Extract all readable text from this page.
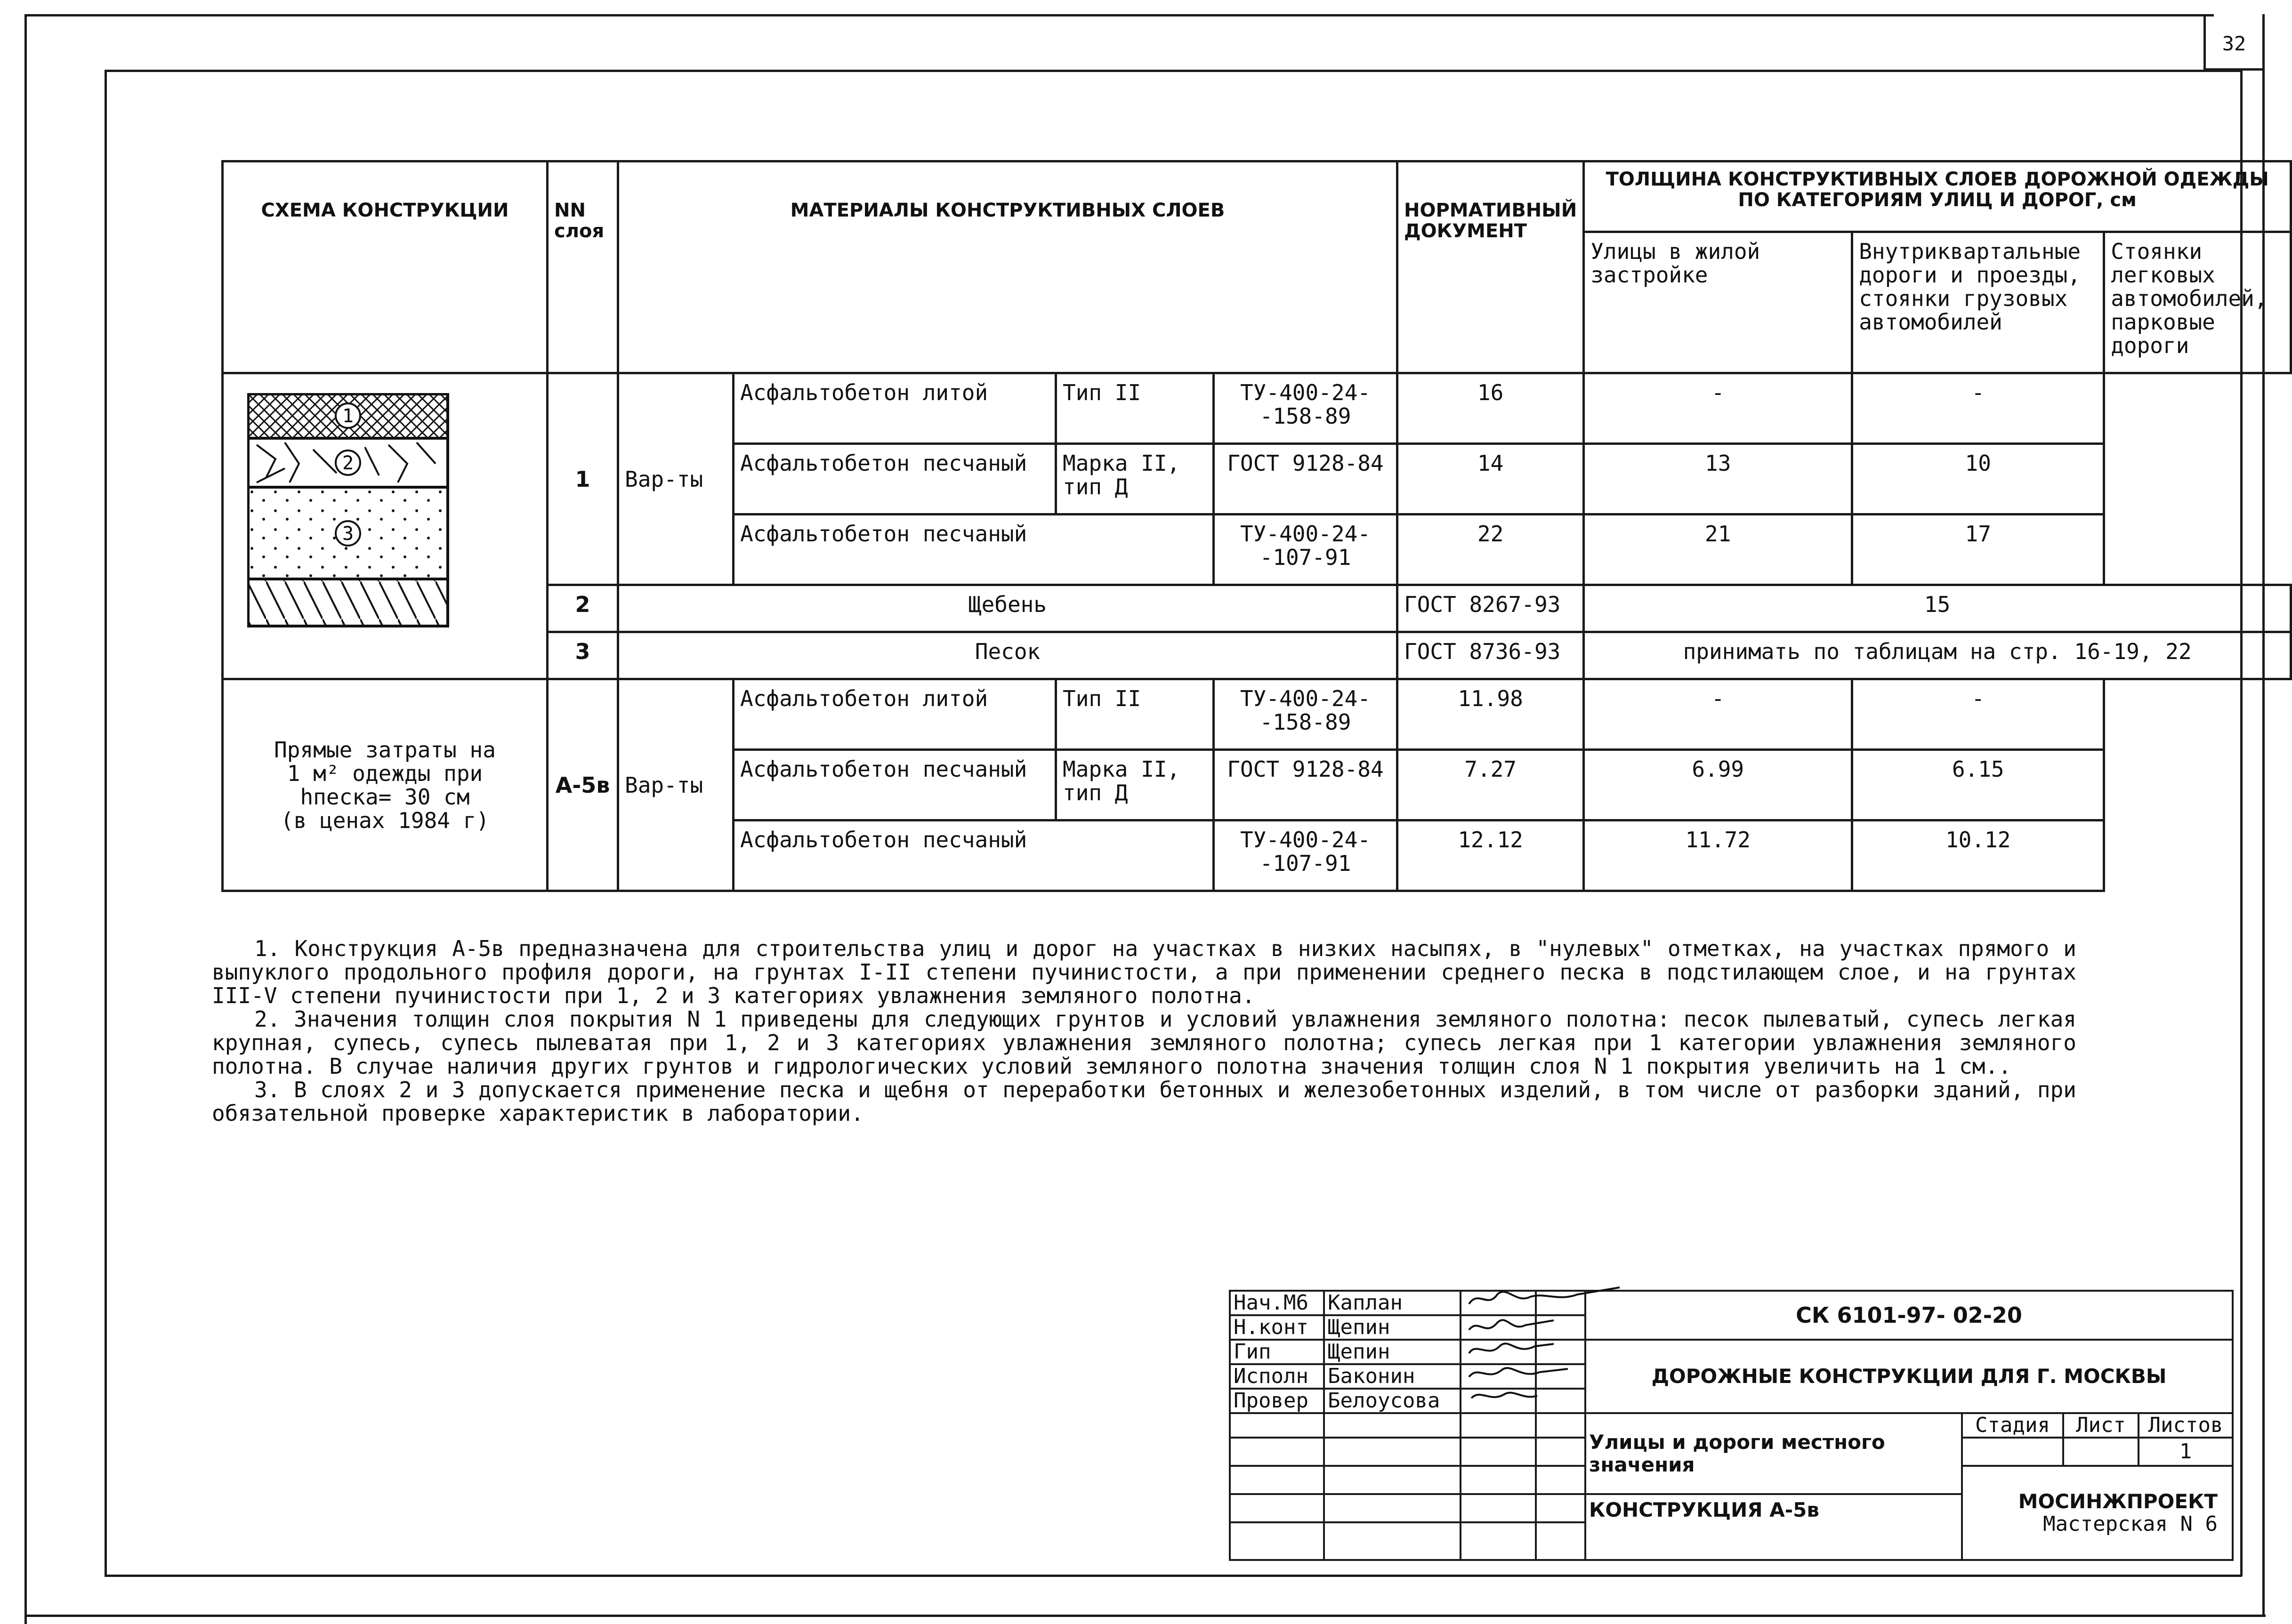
32
СХЕМА КОНСТРУКЦИИ	NN слоя	МАТЕРИАЛЫ КОНСТРУКТИВНЫХ СЛОЕВ				НОРМАТИВНЫЙ ДОКУМЕНТ	ТОЛЩИНА КОНСТРУКТИВНЫХ СЛОЕВ ДОРОЖНОЙ ОДЕЖДЫ ПО КАТЕГОРИЯМ УЛИЦ И ДОРОГ, см		
							Улицы в жилой застройке	Внутриквартальные дороги и проезды, стоянки грузовых автомобилей	Стоянки легковых автомобилей, парковые дороги

1
2
3	1	Вар-ты	Асфальтобетон литой	Тип II	ТУ-400-24--158-89	16	-	-	
			Асфальтобетон песчаный	Марка II, тип Д	ГОСТ 9128-84	14	13	10	
			Асфальтобетон песчаный		ТУ-400-24--107-91	22	21	17	
	2	Щебень				ГОСТ 8267-93	15		
	3	Песок				ГОСТ 8736-93	принимать по таблицам на стр. 16-19, 22		

Прямые затраты на
1 м² одежды при
hпеска= 30 см
(в ценах 1984 г)	А-5в	Вар-ты	Асфальтобетон литой	Тип II	ТУ-400-24--158-89	11.98	-	-	
			Асфальтобетон песчаный	Марка II, тип Д	ГОСТ 9128-84	7.27	6.99	6.15	
			Асфальтобетон песчаный		ТУ-400-24--107-91	12.12	11.72	10.12	

1. Конструкция А-5в предназначена для строительства улиц и дорог на участках в низких насыпях, в "нулевых" отметках, на участках прямого и выпуклого продольного профиля дороги, на грунтах I-II степени пучинистости, а при применении среднего песка в подстилающем слое, и на грунтах III-V степени пучинистости при 1, 2 и 3 категориях увлажнения земляного полотна.

2. Значения толщин слоя покрытия N 1 приведены для следующих грунтов и условий увлажнения земляного полотна: песок пылеватый, супесь легкая крупная, супесь, супесь пылеватая при 1, 2 и 3 категориях увлажнения земляного полотна; супесь легкая при 1 категории увлажнения земляного полотна. В случае наличия других грунтов и гидрологических условий земляного полотна значения толщин слоя N 1 покрытия увеличить на 1 см..

3. В слоях 2 и 3 допускается применение песка и щебня от переработки бетонных и железобетонных изделий, в том числе от разборки зданий, при обязательной проверке характеристик в лаборатории.

Нач.М6	Каплан			СК 6101-97- 02-20			
Н.конт	Щепин						
Гип	Щепин			ДОРОЖНЫЕ КОНСТРУКЦИИ ДЛЯ Г. МОСКВЫ			
Исполн	Баконин						
Провер	Белоусова						
				Улицы и дороги местного значения	Стадия	Лист	Листов
							1

					МОСИНЖПРОЕКТ
Мастерская N 6		

				КОНСТРУКЦИЯ А-5в			
